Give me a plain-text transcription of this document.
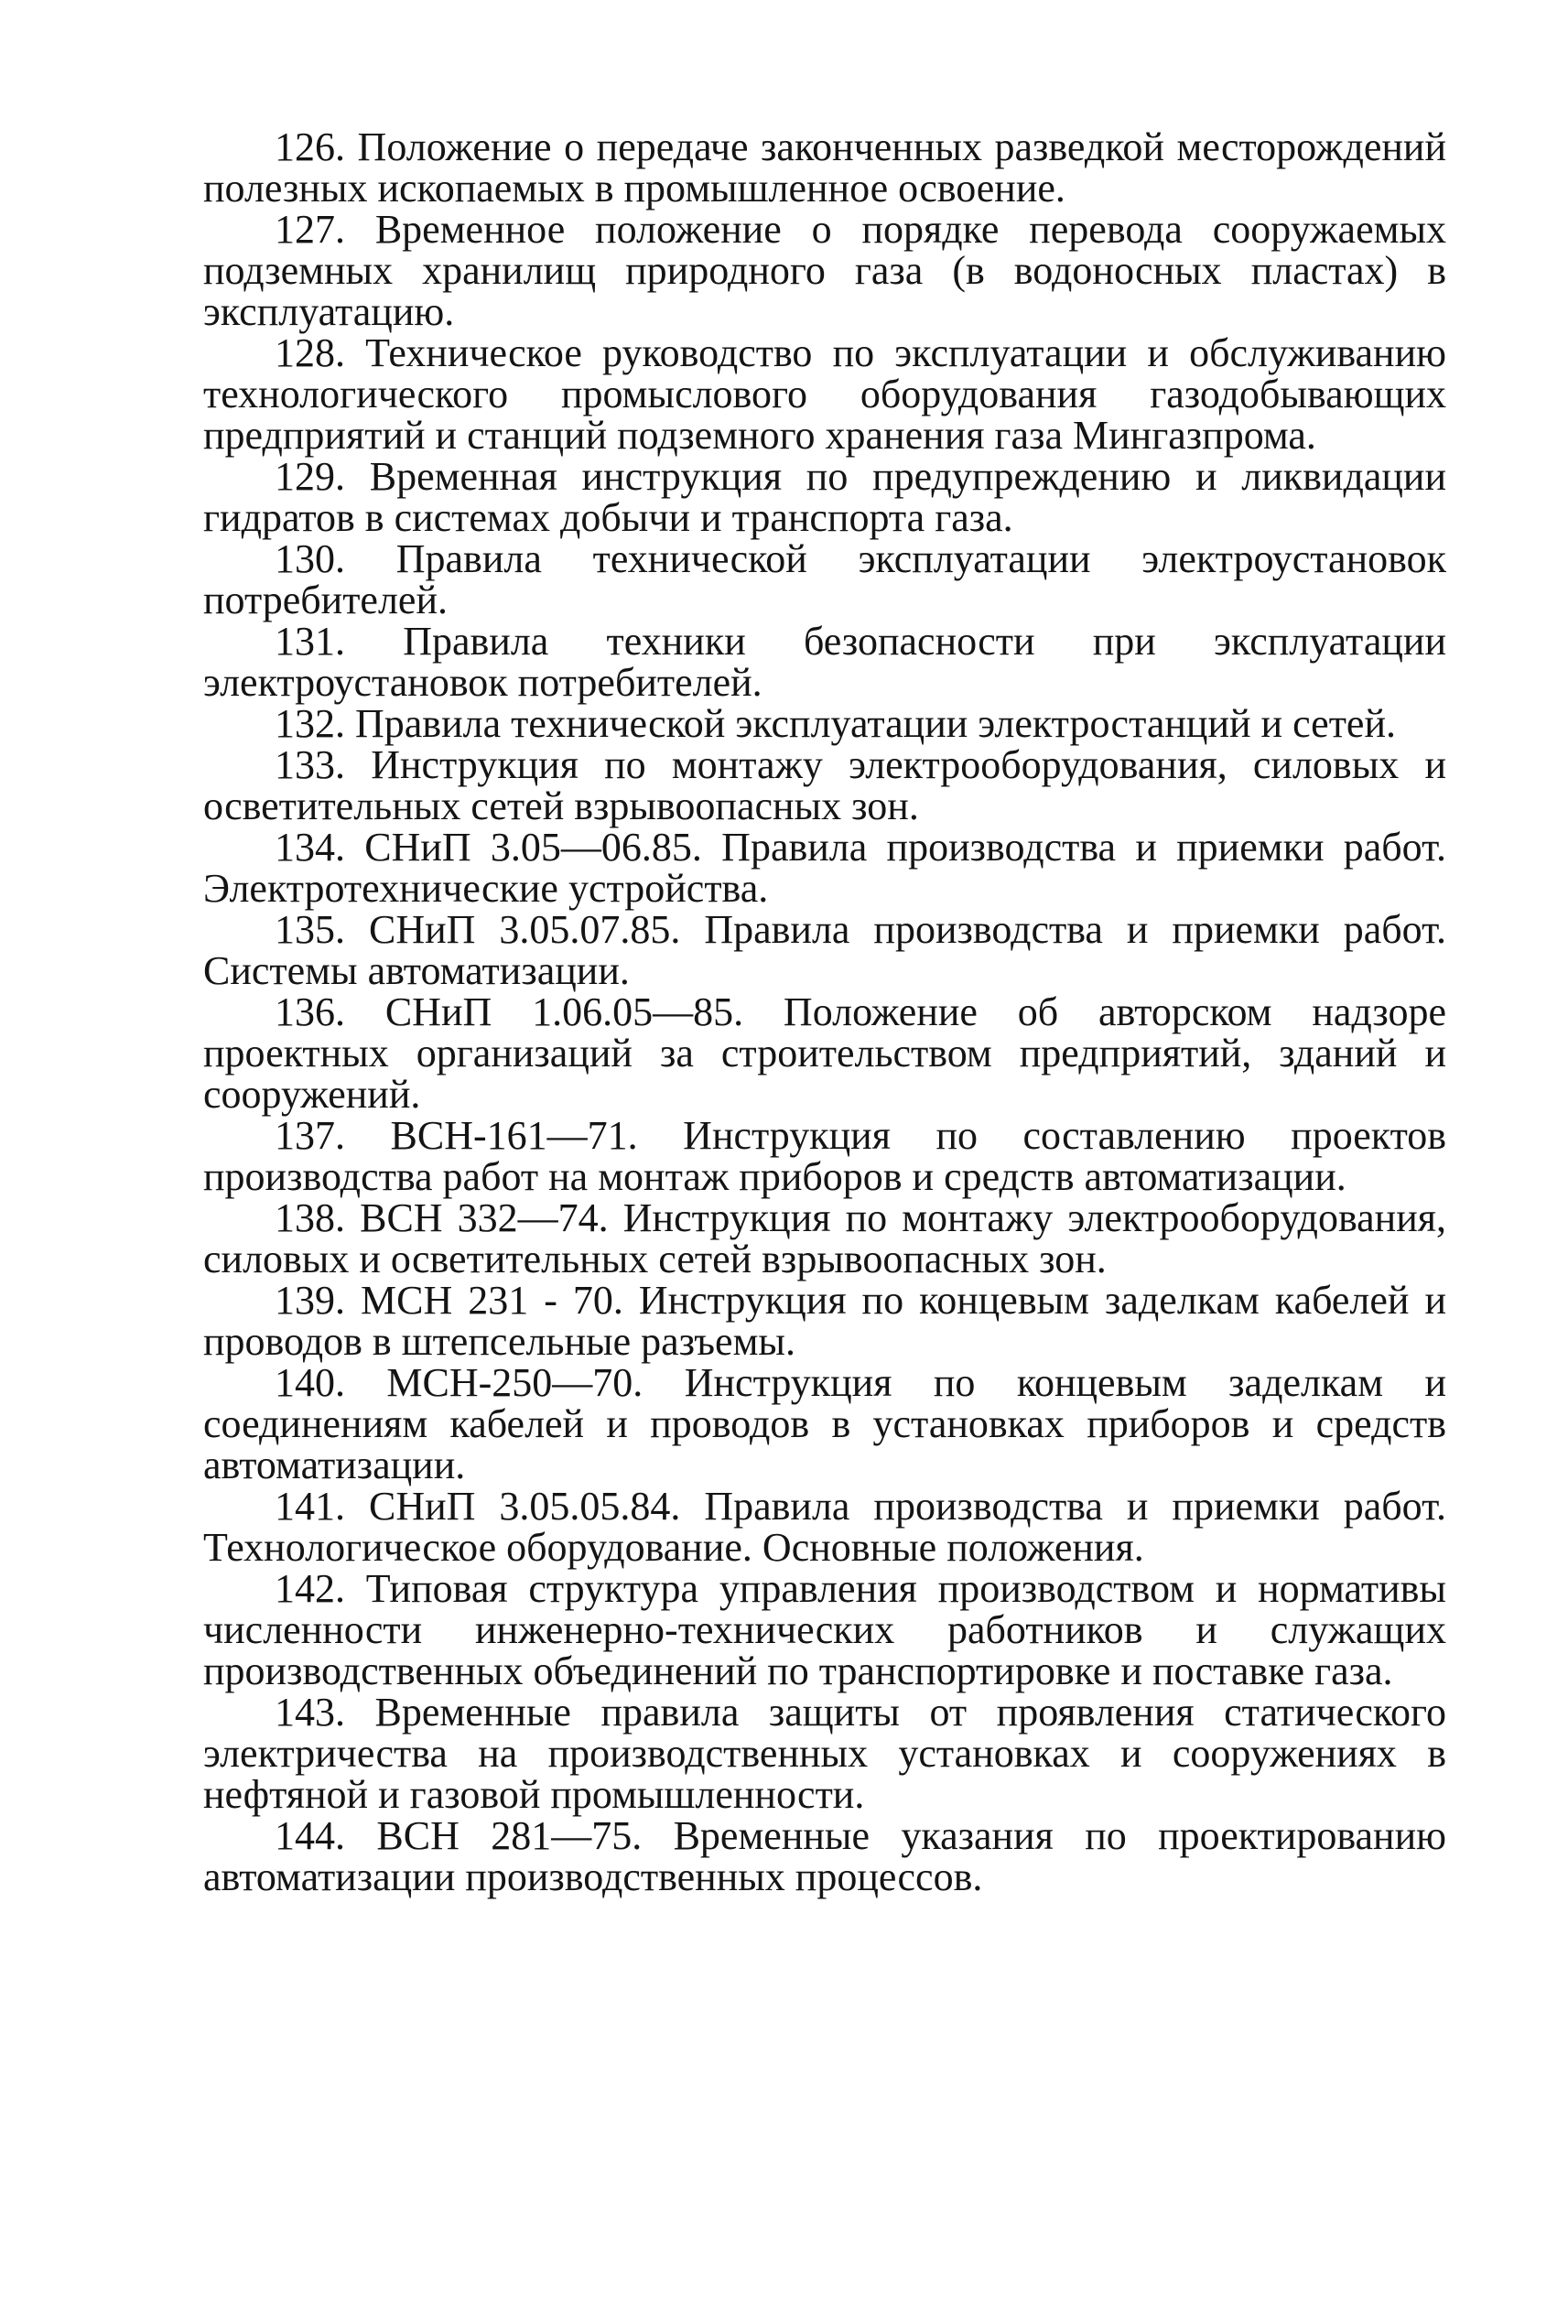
126. Положение о передаче законченных разведкой месторождений полезных ископаемых в промышленное освоение.

127. Временное положение о порядке перевода сооружаемых подземных хранилищ природного газа (в водоносных пластах) в эксплуатацию.

128. Техническое руководство по эксплуатации и обслуживанию технологического промыслового оборудования газодобывающих предприятий и станций подземного хранения газа Мингазпрома.

129. Временная инструкция по предупреждению и ликвидации гидратов в системах добычи и транспорта газа.

130. Правила технической эксплуатации электроустановок потребителей.

131. Правила техники безопасности при эксплуатации электроустановок потребителей.

132. Правила технической эксплуатации электростанций и сетей.

133. Инструкция по монтажу электрооборудования, силовых и осветительных сетей взрывоопасных зон.

134. СНиП 3.05—06.85. Правила производства и приемки работ. Электротехнические устройства.

135. СНиП 3.05.07.85. Правила производства и приемки работ. Системы автоматизации.

136. СНиП 1.06.05—85. Положение об авторском надзоре проектных организаций за строительством предприятий, зданий и сооружений.

137. ВСН-161—71. Инструкция по составлению проектов производства работ на монтаж приборов и средств автоматизации.

138. ВСН 332—74. Инструкция по монтажу электрооборудования, силовых и осветительных сетей взрывоопасных зон.

139. МСН 231 - 70. Инструкция по концевым заделкам кабелей и проводов в штепсельные разъемы.

140. МСН-250—70. Инструкция по концевым заделкам и соединениям кабелей и проводов в установках приборов и средств автоматизации.

141. СНиП 3.05.05.84. Правила производства и приемки работ. Технологическое оборудование. Основные положения.

142. Типовая структура управления производством и нормативы численности инженерно-технических работников и служащих производственных объединений по транспортировке и поставке газа.

143. Временные правила защиты от проявления статического электричества на производственных установках и сооружениях в нефтяной и газовой промышленности.

144. ВСН 281—75. Временные указания по проектированию автоматизации производственных процессов.
